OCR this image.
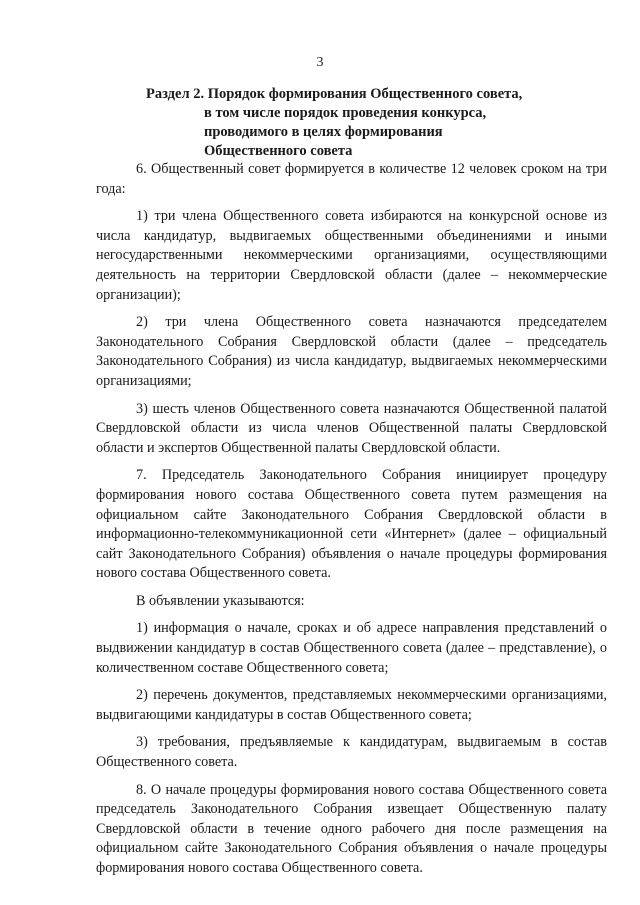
3
Раздел 2. Порядок формирования Общественного совета,
в том числе порядок проведения конкурса,
проводимого в целях формирования
Общественного совета

6. Общественный совет формируется в количестве 12 человек сроком на три года:

1) три члена Общественного совета избираются на конкурсной основе из числа кандидатур, выдвигаемых общественными объединениями и иными негосударственными некоммерческими организациями, осуществляющими деятельность на территории Свердловской области (далее – некоммерческие организации);

2) три члена Общественного совета назначаются председателем Законодательного Собрания Свердловской области (далее – председатель Законодательного Собрания) из числа кандидатур, выдвигаемых некоммерческими организациями;

3) шесть членов Общественного совета назначаются Общественной палатой Свердловской области из числа членов Общественной палаты Свердловской области и экспертов Общественной палаты Свердловской области.

7. Председатель Законодательного Собрания инициирует процедуру формирования нового состава Общественного совета путем размещения на официальном сайте Законодательного Собрания Свердловской области в информационно-телекоммуникационной сети «Интернет» (далее – официальный сайт Законодательного Собрания) объявления о начале процедуры формирования нового состава Общественного совета.

В объявлении указываются:

1) информация о начале, сроках и об адресе направления представлений о выдвижении кандидатур в состав Общественного совета (далее – представление), о количественном составе Общественного совета;

2) перечень документов, представляемых некоммерческими организациями, выдвигающими кандидатуры в состав Общественного совета;

3) требования, предъявляемые к кандидатурам, выдвигаемым в состав Общественного совета.

8. О начале процедуры формирования нового состава Общественного совета председатель Законодательного Собрания извещает Общественную палату Свердловской области в течение одного рабочего дня после размещения на официальном сайте Законодательного Собрания объявления о начале процедуры формирования нового состава Общественного совета.
